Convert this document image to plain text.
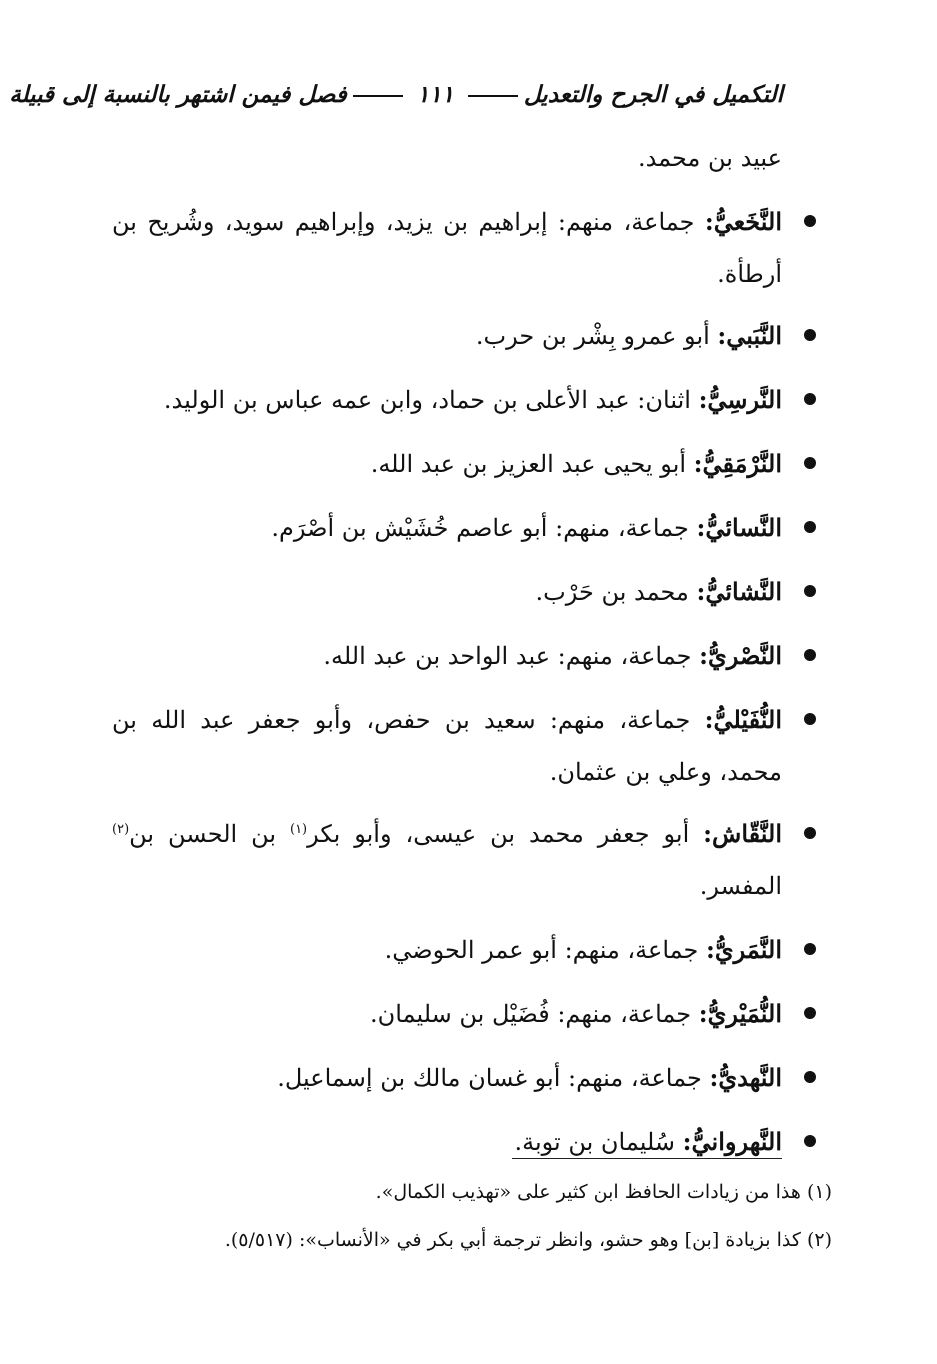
التكميل في الجرح والتعديل
١١١
فصل فيمن اشتهر بالنسبة إلى قبيلة
عبيد بن محمد.
النَّخَعيُّ: جماعة، منهم: إبراهيم بن يزيد، وإبراهيم سويد، وشُريح بن أرطأة.
النَّبَبي: أبو عمرو بِشْر بن حرب.
النَّرسِيُّ: اثنان: عبد الأعلى بن حماد، وابن عمه عباس بن الوليد.
النَّرْمَقِيُّ: أبو يحيى عبد العزيز بن عبد الله.
النَّسائيُّ: جماعة، منهم: أبو عاصم خُشَيْش بن أصْرَم.
النَّشائيُّ: محمد بن حَرْب.
النَّصْريُّ: جماعة، منهم: عبد الواحد بن عبد الله.
النُّفَيْليُّ: جماعة، منهم: سعيد بن حفص، وأبو جعفر عبد الله بن محمد، وعلي بن عثمان.
النَّقّاش: أبو جعفر محمد بن عيسى، وأبو بكر$^{(١)}$ بن الحسن بن$^{(٢)}$ المفسر.
النَّمَريُّ: جماعة، منهم: أبو عمر الحوضي.
النُّمَيْريُّ: جماعة، منهم: فُضَيْل بن سليمان.
النَّهديُّ: جماعة، منهم: أبو غسان مالك بن إسماعيل.
النَّهروانيُّ: سُليمان بن توبة.
(١) هذا من زيادات الحافظ ابن كثير على «تهذيب الكمال».
(٢) كذا بزيادة [بن] وهو حشو، وانظر ترجمة أبي بكر في «الأنساب»: (٥/٥١٧).
